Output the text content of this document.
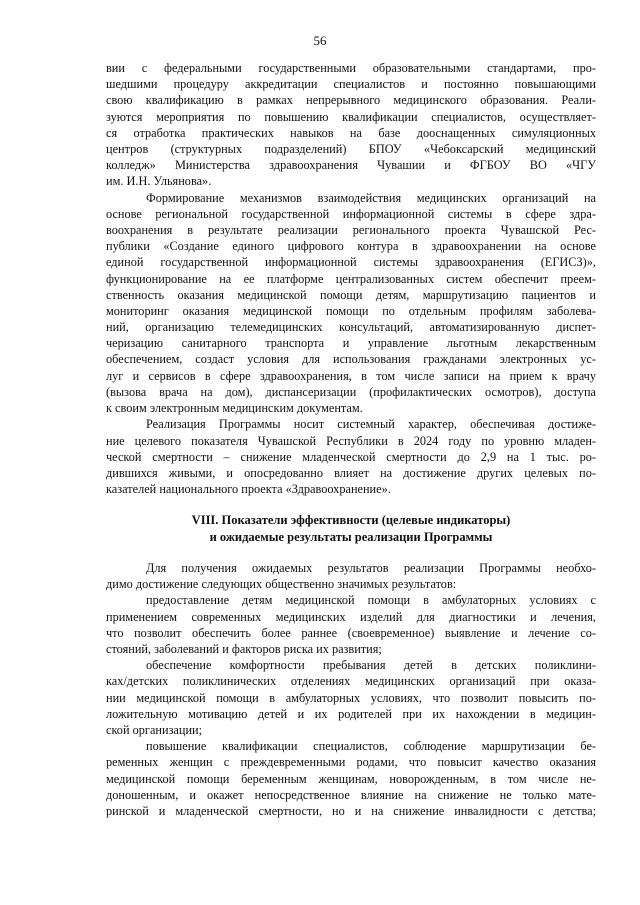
56
вии с федеральными государственными образовательными стандартами, про-
шедшими процедуру аккредитации специалистов и постоянно повышающими
свою квалификацию в рамках непрерывного медицинского образования. Реали-
зуются мероприятия по повышению квалификации специалистов, осуществляет-
ся отработка практических навыков на базе дооснащенных симуляционных
центров (структурных подразделений) БПОУ «Чебоксарский медицинский
колледж» Министерства здравоохранения Чувашии и ФГБОУ ВО «ЧГУ
им. И.Н. Ульянова».
Формирование механизмов взаимодействия медицинских организаций на
основе региональной государственной информационной системы в сфере здра-
воохранения в результате реализации регионального проекта Чувашской Рес-
публики «Создание единого цифрового контура в здравоохранении на основе
единой государственной информационной системы здравоохранения (ЕГИСЗ)»,
функционирование на ее платформе централизованных систем обеспечит преем-
ственность оказания медицинской помощи детям, маршрутизацию пациентов и
мониторинг оказания медицинской помощи по отдельным профилям заболева-
ний, организацию телемедицинских консультаций, автоматизированную диспет-
черизацию санитарного транспорта и управление льготным лекарственным
обеспечением, создаст условия для использования гражданами электронных ус-
луг и сервисов в сфере здравоохранения, в том числе записи на прием к врачу
(вызова врача на дом), диспансеризации (профилактических осмотров), доступа
к своим электронным медицинским документам.
Реализация Программы носит системный характер, обеспечивая достиже-
ние целевого показателя Чувашской Республики в 2024 году по уровню младен-
ческой смертности – снижение младенческой смертности до 2,9 на 1 тыс. ро-
дившихся живыми, и опосредованно влияет на достижение других целевых по-
казателей национального проекта «Здравоохранение».
VIII. Показатели эффективности (целевые индикаторы)
и ожидаемые результаты реализации Программы
Для получения ожидаемых результатов реализации Программы необхо-
димо достижение следующих общественно значимых результатов:
предоставление детям медицинской помощи в амбулаторных условиях с
применением современных медицинских изделий для диагностики и лечения,
что позволит обеспечить более раннее (своевременное) выявление и лечение со-
стояний, заболеваний и факторов риска их развития;
обеспечение комфортности пребывания детей в детских поликлини-
ках/детских поликлинических отделениях медицинских организаций при оказа-
нии медицинской помощи в амбулаторных условиях, что позволит повысить по-
ложительную мотивацию детей и их родителей при их нахождении в медицин-
ской организации;
повышение квалификации специалистов, соблюдение маршрутизации бе-
ременных женщин с преждевременными родами, что повысит качество оказания
медицинской помощи беременным женщинам, новорожденным, в том числе не-
доношенным, и окажет непосредственное влияние на снижение не только мате-
ринской и младенческой смертности, но и на снижение инвалидности с детства;
